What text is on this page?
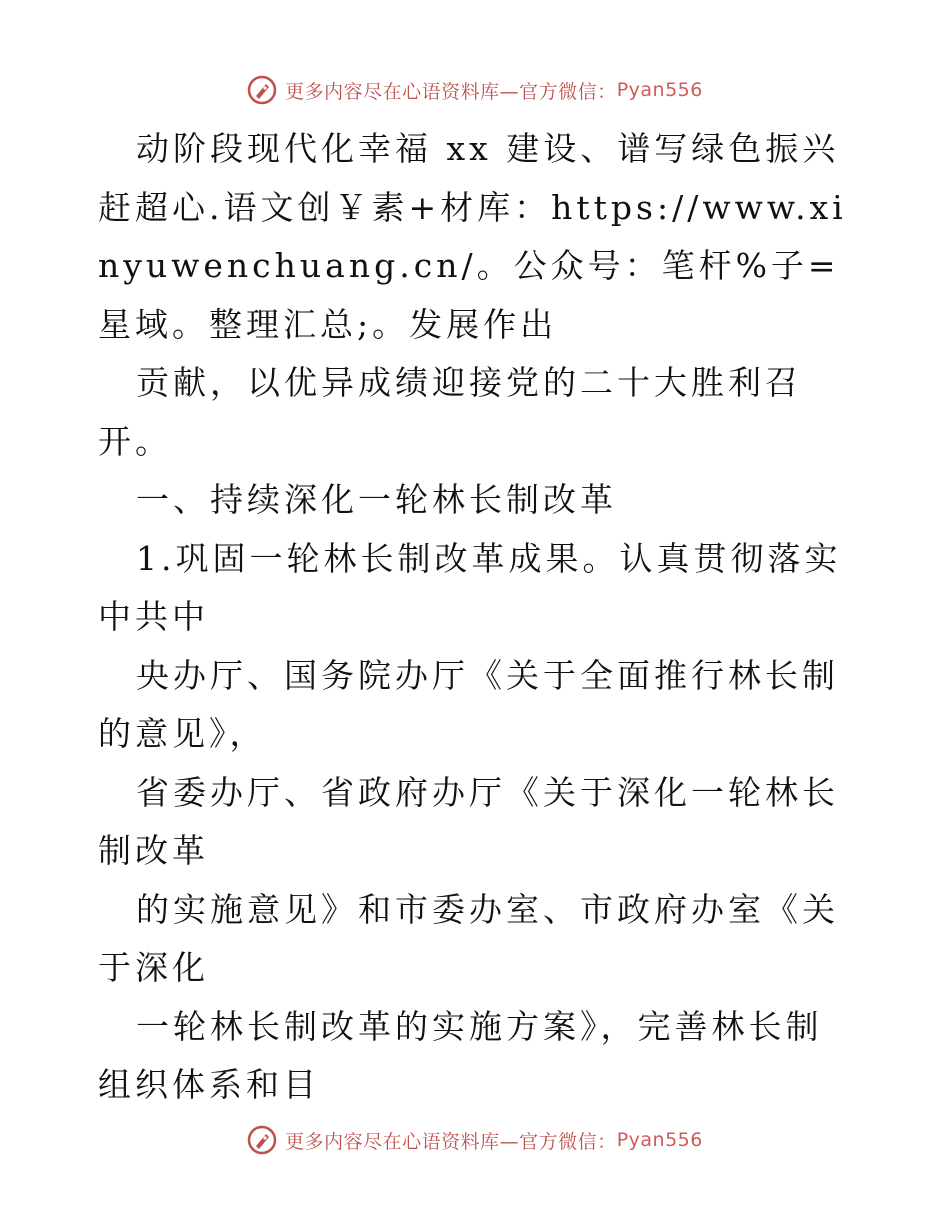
更多内容尽在心语资料库— 官方微信： Pyan556

动阶段现代化幸福 xx 建设、谱写绿色振兴赶超心.语文创￥素+材库：https://www.xinyuwenchuang.cn/。公众号：笔杆%子=星域。整理汇总;。发展作出

贡献，以优异成绩迎接党的二十大胜利召开。

一、持续深化一轮林长制改革

1.巩固一轮林长制改革成果。认真贯彻落实中共中

央办厅、国务院办厅《关于全面推行林长制的意见》，

省委办厅、省政府办厅《关于深化一轮林长制改革

的实施意见》和市委办室、市政府办室《关于深化

一轮林长制改革的实施方案》，完善林长制组织体系和目

更多内容尽在心语资料库— 官方微信： Pyan556
